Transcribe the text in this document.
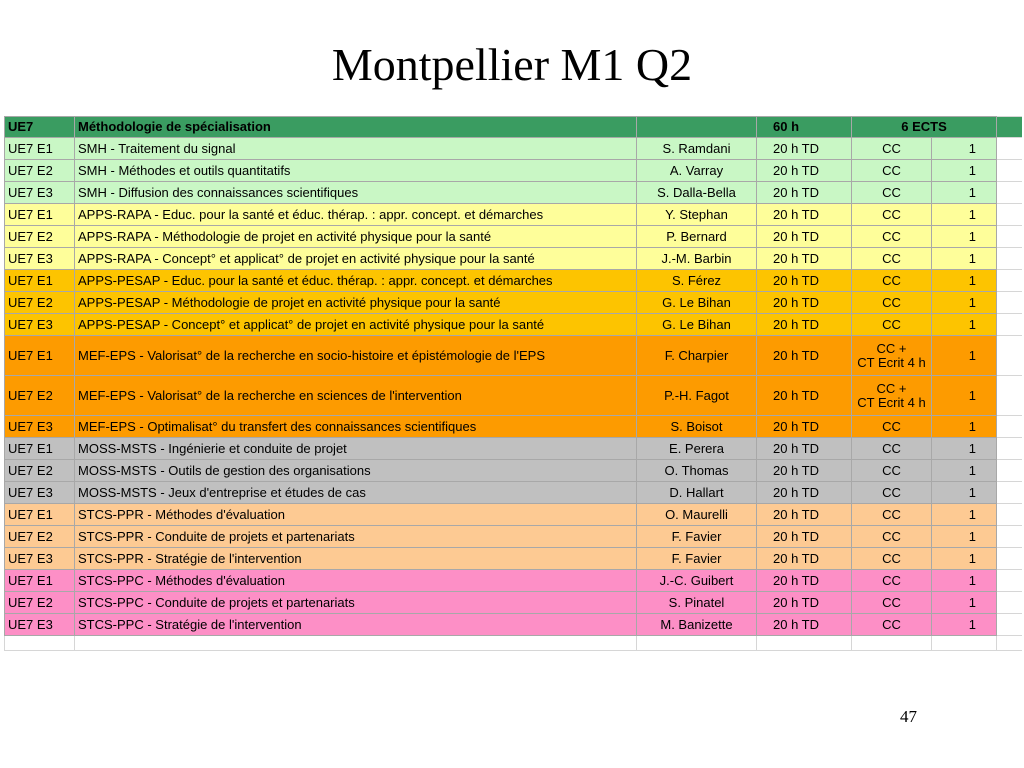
Montpellier M1 Q2
UE7	Méthodologie de spécialisation		60 h	6 ECTS		
UE7 E1	SMH - Traitement du signal	S. Ramdani	20 h TD	CC	1	
UE7 E2	SMH - Méthodes et outils quantitatifs	A. Varray	20 h TD	CC	1	
UE7 E3	SMH - Diffusion des connaissances scientifiques	S. Dalla-Bella	20 h TD	CC	1	
UE7 E1	APPS-RAPA - Educ. pour la santé et éduc. thérap. : appr. concept. et démarches	Y. Stephan	20 h TD	CC	1	
UE7 E2	APPS-RAPA - Méthodologie de projet en activité physique pour la santé	P. Bernard	20 h TD	CC	1	
UE7 E3	APPS-RAPA - Concept° et applicat° de projet en activité physique pour la santé	J.-M. Barbin	20 h TD	CC	1	
UE7 E1	APPS-PESAP - Educ. pour la santé et éduc. thérap. : appr. concept. et démarches	S. Férez	20 h TD	CC	1	
UE7 E2	APPS-PESAP - Méthodologie de projet en activité physique pour la santé	G. Le Bihan	20 h TD	CC	1	
UE7 E3	APPS-PESAP - Concept° et applicat° de projet en activité physique pour la santé	G. Le Bihan	20 h TD	CC	1	
UE7 E1	MEF-EPS - Valorisat° de la recherche en socio-histoire et épistémologie de l'EPS	F. Charpier	20 h TD	CC +
CT Ecrit 4 h	1	
UE7 E2	MEF-EPS - Valorisat° de la recherche en sciences de l'intervention	P.-H. Fagot	20 h TD	CC +
CT Ecrit 4 h	1	
UE7 E3	MEF-EPS - Optimalisat° du transfert des connaissances scientifiques	S. Boisot	20 h TD	CC	1	
UE7 E1	MOSS-MSTS - Ingénierie et conduite de projet	E. Perera	20 h TD	CC	1	
UE7 E2	MOSS-MSTS - Outils de gestion des organisations	O. Thomas	20 h TD	CC	1	
UE7 E3	MOSS-MSTS - Jeux d'entreprise et études de cas	D. Hallart	20 h TD	CC	1	
UE7 E1	STCS-PPR - Méthodes d'évaluation	O. Maurelli	20 h TD	CC	1	
UE7 E2	STCS-PPR - Conduite de projets et partenariats	F. Favier	20 h TD	CC	1	
UE7 E3	STCS-PPR - Stratégie de l'intervention	F. Favier	20 h TD	CC	1	
UE7 E1	STCS-PPC - Méthodes d'évaluation	J.-C. Guibert	20 h TD	CC	1	
UE7 E2	STCS-PPC - Conduite de projets et partenariats	S. Pinatel	20 h TD	CC	1	
UE7 E3	STCS-PPC - Stratégie de l'intervention	M. Banizette	20 h TD	CC	1	

47
